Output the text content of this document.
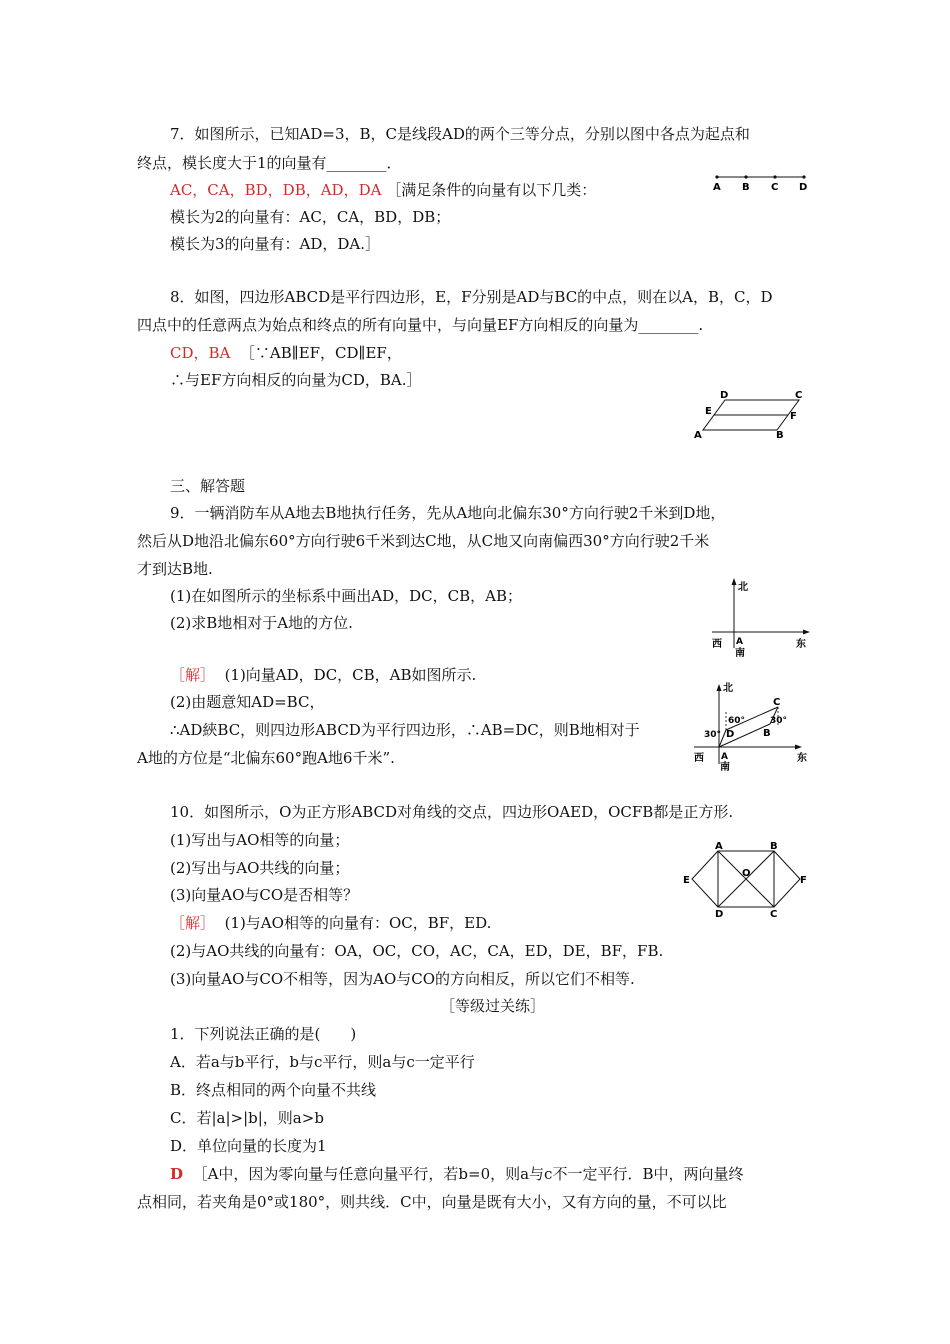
7．如图所示，已知AD=3，B，C是线段AD的两个三等分点，分别以图中各点为起点和
终点，模长度大于1的向量有________．
AC，CA，BD，DB，AD，DA ［满足条件的向量有以下几类：
模长为2的向量有：AC，CA，BD，DB；
模长为3的向量有：AD，DA.］
A B C D
8．如图，四边形ABCD是平行四边形，E，F分别是AD与BC的中点，则在以A，B，C，D
四点中的任意两点为始点和终点的所有向量中，与向量EF方向相反的向量为________.
CD，BA ［∵AB∥EF，CD∥EF，
∴与EF方向相反的向量为CD，BA.］
D	C
E	F
A	B
三、解答题
9．一辆消防车从A地去B地执行任务，先从A地向北偏东30°方向行驶2千米到D地，
然后从D地沿北偏东60°方向行驶6千米到达C地，从C地又向南偏西30°方向行驶2千米
才到达B地.
(1)在如图所示的坐标系中画出AD，DC，CB，AB；
(2)求B地相对于A地的方位.
北
西 A
南
东
［解］ (1)向量AD，DC，CB，AB如图所示.
(2)由题意知AD=BC，
∴AD綊BC，则四边形ABCD为平行四边形，∴AB=DC，则B地相对于
A地的方位是“北偏东60°跑A地6千米”.
北
C
60°	30°
30° D	B
西 A
南
东
10．如图所示，O为正方形ABCD对角线的交点，四边形OAED，OCFB都是正方形.
(1)写出与AO相等的向量；
(2)写出与AO共线的向量；
(3)向量AO与CO是否相等？
［解］ (1)与AO相等的向量有：OC，BF，ED.
(2)与AO共线的向量有：OA，OC，CO，AC，CA，ED，DE，BF，FB.
(3)向量AO与CO不相等，因为AO与CO的方向相反，所以它们不相等.
A	B
E
O
F
D	C
［等级过关练］
1．下列说法正确的是(　　)
A．若a与b平行，b与c平行，则a与c一定平行
B．终点相同的两个向量不共线
C．若|a|>|b|，则a>b
D．单位向量的长度为1
D ［A中，因为零向量与任意向量平行，若b=0，则a与c不一定平行．B中，两向量终
点相同，若夹角是0°或180°，则共线．C中，向量是既有大小，又有方向的量，不可以比
